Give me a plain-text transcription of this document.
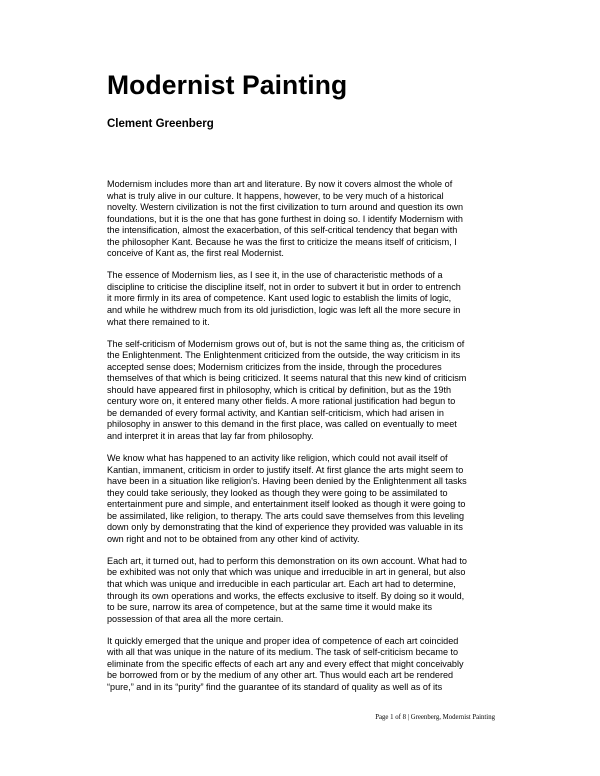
Modernist Painting
Clement Greenberg

Modernism includes more than art and literature. By now it covers almost the whole of
what is truly alive in our culture. It happens, however, to be very much of a historical
novelty. Western civilization is not the first civilization to turn around and question its own
foundations, but it is the one that has gone furthest in doing so. I identify Modernism with
the intensification, almost the exacerbation, of this self-critical tendency that began with
the philosopher Kant. Because he was the first to criticize the means itself of criticism, I
conceive of Kant as, the first real Modernist.

The essence of Modernism lies, as I see it, in the use of characteristic methods of a
discipline to criticise the discipline itself, not in order to subvert it but in order to entrench
it more firmly in its area of competence. Kant used logic to establish the limits of logic,
and while he withdrew much from its old jurisdiction, logic was left all the more secure in
what there remained to it.

The self-criticism of Modernism grows out of, but is not the same thing as, the criticism of
the Enlightenment. The Enlightenment criticized from the outside, the way criticism in its
accepted sense does; Modernism criticizes from the inside, through the procedures
themselves of that which is being criticized. It seems natural that this new kind of criticism
should have appeared first in philosophy, which is critical by definition, but as the 19th
century wore on, it entered many other fields. A more rational justification had begun to
be demanded of every formal activity, and Kantian self-criticism, which had arisen in
philosophy in answer to this demand in the first place, was called on eventually to meet
and interpret it in areas that lay far from philosophy.

We know what has happened to an activity like religion, which could not avail itself of
Kantian, immanent, criticism in order to justify itself. At first glance the arts might seem to
have been in a situation like religion's. Having been denied by the Enlightenment all tasks
they could take seriously, they looked as though they were going to be assimilated to
entertainment pure and simple, and entertainment itself looked as though it were going to
be assimilated, like religion, to therapy. The arts could save themselves from this leveling
down only by demonstrating that the kind of experience they provided was valuable in its
own right and not to be obtained from any other kind of activity.

Each art, it turned out, had to perform this demonstration on its own account. What had to
be exhibited was not only that which was unique and irreducible in art in general, but also
that which was unique and irreducible in each particular art. Each art had to determine,
through its own operations and works, the effects exclusive to itself. By doing so it would,
to be sure, narrow its area of competence, but at the same time it would make its
possession of that area all the more certain.

It quickly emerged that the unique and proper idea of competence of each art coincided
with all that was unique in the nature of its medium. The task of self-criticism became to
eliminate from the specific effects of each art any and every effect that might conceivably
be borrowed from or by the medium of any other art. Thus would each art be rendered
“pure,” and in its “purity” find the guarantee of its standard of quality as well as of its

Page 1 of 8 | Greenberg, Modernist Painting
